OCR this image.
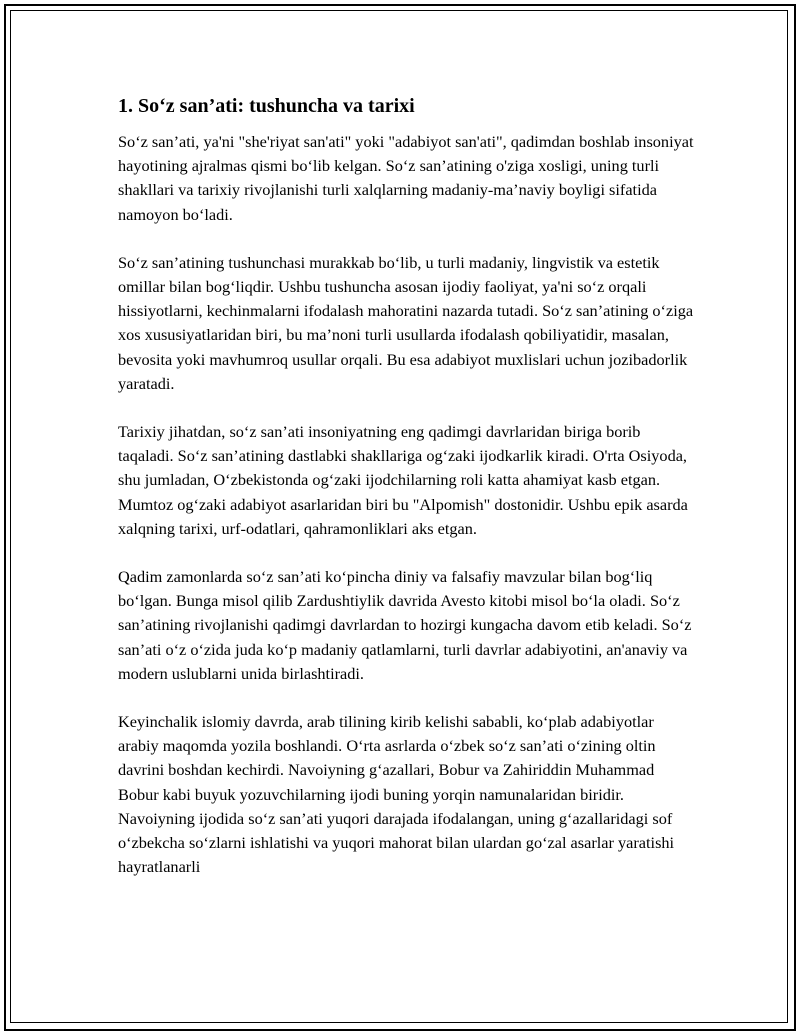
1. So‘z san’ati: tushuncha va tarixi

So‘z san’ati, ya'ni "she'riyat san'ati" yoki "adabiyot san'ati", qadimdan boshlab insoniyat hayotining ajralmas qismi bo‘lib kelgan. So‘z san’atining o'ziga xosligi, uning turli shakllari va tarixiy rivojlanishi turli xalqlarning madaniy-ma’naviy boyligi sifatida namoyon bo‘ladi.

So‘z san’atining tushunchasi murakkab bo‘lib, u turli madaniy, lingvistik va estetik omillar bilan bog‘liqdir. Ushbu tushuncha asosan ijodiy faoliyat, ya'ni so‘z orqali hissiyotlarni, kechinmalarni ifodalash mahoratini nazarda tutadi. So‘z san’atining o‘ziga xos xususiyatlaridan biri, bu ma’noni turli usullarda ifodalash qobiliyatidir, masalan, bevosita yoki mavhumroq usullar orqali. Bu esa adabiyot muxlislari uchun jozibadorlik yaratadi.

Tarixiy jihatdan, so‘z san’ati insoniyatning eng qadimgi davrlaridan biriga borib taqaladi. So‘z san’atining dastlabki shakllariga og‘zaki ijodkarlik kiradi. O'rta Osiyoda, shu jumladan, O‘zbekistonda og‘zaki ijodchilarning roli katta ahamiyat kasb etgan. Mumtoz og‘zaki adabiyot asarlaridan biri bu "Alpomish" dostonidir. Ushbu epik asarda xalqning tarixi, urf-odatlari, qahramonliklari aks etgan.

Qadim zamonlarda so‘z san’ati ko‘pincha diniy va falsafiy mavzular bilan bog‘liq bo‘lgan. Bunga misol qilib Zardushtiylik davrida Avesto kitobi misol bo‘la oladi. So‘z san’atining rivojlanishi qadimgi davrlardan to hozirgi kungacha davom etib keladi. So‘z san’ati o‘z o‘zida juda ko‘p madaniy qatlamlarni, turli davrlar adabiyotini, an'anaviy va modern uslublarni unida birlashtiradi.

Keyinchalik islomiy davrda, arab tilining kirib kelishi sababli, ko‘plab adabiyotlar arabiy maqomda yozila boshlandi. O‘rta asrlarda o‘zbek so‘z san’ati o‘zining oltin davrini boshdan kechirdi. Navoiyning g‘azallari, Bobur va Zahiriddin Muhammad Bobur kabi buyuk yozuvchilarning ijodi buning yorqin namunalaridan biridir. Navoiyning ijodida so‘z san’ati yuqori darajada ifodalangan, uning g‘azallaridagi sof o‘zbekcha so‘zlarni ishlatishi va yuqori mahorat bilan ulardan go‘zal asarlar yaratishi hayratlanarli
